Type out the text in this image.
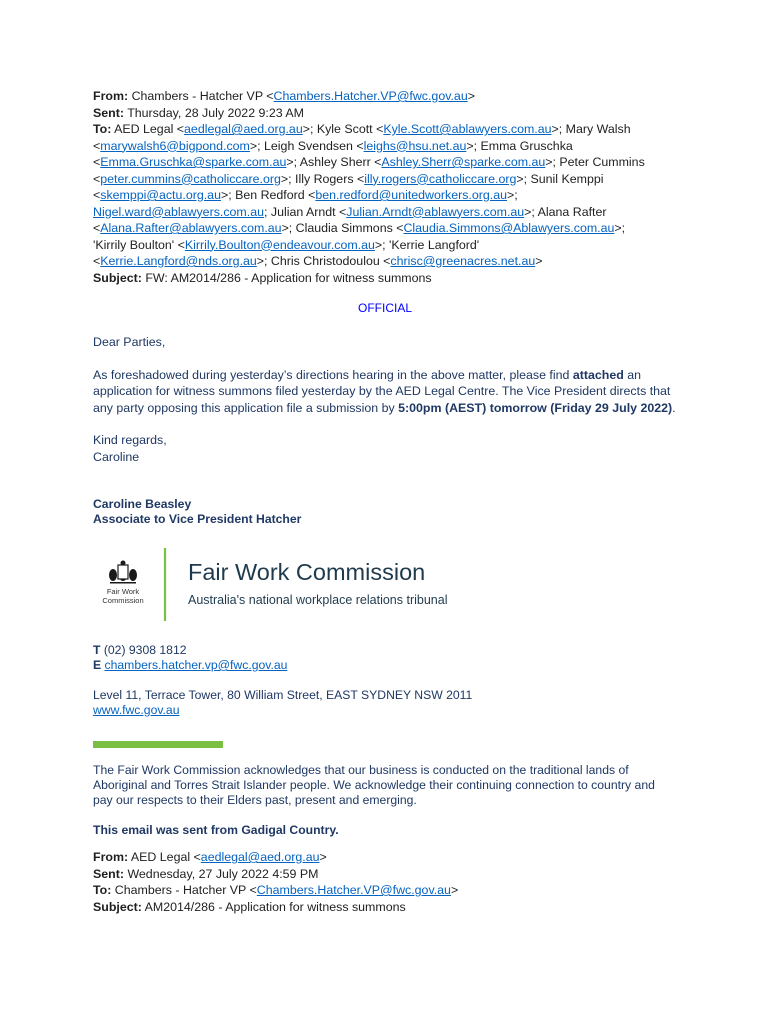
From: Chambers - Hatcher VP <Chambers.Hatcher.VP@fwc.gov.au>

Sent: Thursday, 28 July 2022 9:23 AM

To: AED Legal <aedlegal@aed.org.au>; Kyle Scott <Kyle.Scott@ablawyers.com.au>; Mary Walsh

<marywalsh6@bigpond.com>; Leigh Svendsen <leighs@hsu.net.au>; Emma Gruschka

<Emma.Gruschka@sparke.com.au>; Ashley Sherr <Ashley.Sherr@sparke.com.au>; Peter Cummins

<peter.cummins@catholiccare.org>; Illy Rogers <illy.rogers@catholiccare.org>; Sunil Kemppi

<skemppi@actu.org.au>; Ben Redford <ben.redford@unitedworkers.org.au>;

Nigel.ward@ablawyers.com.au; Julian Arndt <Julian.Arndt@ablawyers.com.au>; Alana Rafter

<Alana.Rafter@ablawyers.com.au>; Claudia Simmons <Claudia.Simmons@Ablawyers.com.au>;

'Kirrily Boulton' <Kirrily.Boulton@endeavour.com.au>; 'Kerrie Langford'

<Kerrie.Langford@nds.org.au>; Chris Christodoulou <chrisc@greenacres.net.au>

Subject: FW: AM2014/286 - Application for witness summons

OFFICIAL

Dear Parties,

As foreshadowed during yesterday’s directions hearing in the above matter, please find attached an application for witness summons filed yesterday by the AED Legal Centre. The Vice President directs that any party opposing this application file a submission by 5:00pm (AEST) tomorrow (Friday 29 July 2022).

Kind regards,

Caroline

Caroline Beasley

Associate to Vice President Hatcher

Fair Work
Commission
Fair Work Commission
Australia's national workplace relations tribunal

T (02) 9308 1812

E chambers.hatcher.vp@fwc.gov.au

Level 11, Terrace Tower, 80 William Street, EAST SYDNEY NSW 2011

www.fwc.gov.au

The Fair Work Commission acknowledges that our business is conducted on the traditional lands of Aboriginal and Torres Strait Islander people. We acknowledge their continuing connection to country and pay our respects to their Elders past, present and emerging.

This email was sent from Gadigal Country.

From: AED Legal <aedlegal@aed.org.au>

Sent: Wednesday, 27 July 2022 4:59 PM

To: Chambers - Hatcher VP <Chambers.Hatcher.VP@fwc.gov.au>

Subject: AM2014/286 - Application for witness summons
